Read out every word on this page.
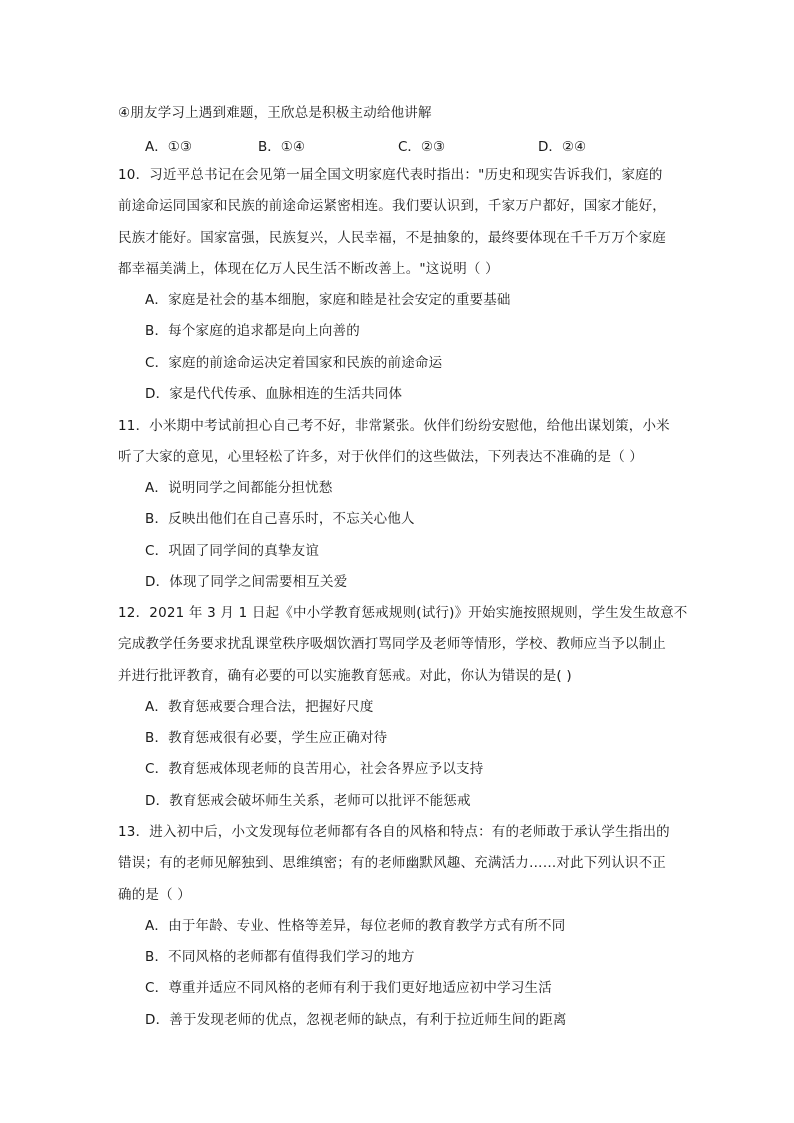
④朋友学习上遇到难题，王欣总是积极主动给他讲解
A．①③	B．①④	C．②③	D．②④
10．习近平总书记在会见第一届全国文明家庭代表时指出："历史和现实告诉我们，家庭的
前途命运同国家和民族的前途命运紧密相连。我们要认识到，千家万户都好，国家才能好，
民族才能好。国家富强，民族复兴，人民幸福，不是抽象的，最终要体现在千千万万个家庭
都幸福美满上，体现在亿万人民生活不断改善上。"这说明（ ）
A．家庭是社会的基本细胞，家庭和睦是社会安定的重要基础
B．每个家庭的追求都是向上向善的
C．家庭的前途命运决定着国家和民族的前途命运
D．家是代代传承、血脉相连的生活共同体
11．小米期中考试前担心自己考不好，非常紧张。伙伴们纷纷安慰他，给他出谋划策，小米
听了大家的意见，心里轻松了许多，对于伙伴们的这些做法，下列表达不准确的是（ ）
A．说明同学之间都能分担忧愁
B．反映出他们在自己喜乐时，不忘关心他人
C．巩固了同学间的真挚友谊
D．体现了同学之间需要相互关爱
12．2021 年 3 月 1 日起《中小学教育惩戒规则(试行)》开始实施按照规则，学生发生故意不
完成教学任务要求扰乱课堂秩序吸烟饮酒打骂同学及老师等情形，学校、教师应当予以制止
并进行批评教育，确有必要的可以实施教育惩戒。对此，你认为错误的是( )
A．教育惩戒要合理合法，把握好尺度
B．教育惩戒很有必要，学生应正确对待
C．教育惩戒体现老师的良苦用心，社会各界应予以支持
D．教育惩戒会破坏师生关系，老师可以批评不能惩戒
13．进入初中后，小文发现每位老师都有各自的风格和特点：有的老师敢于承认学生指出的
错误；有的老师见解独到、思维缜密；有的老师幽默风趣、充满活力……对此下列认识不正
确的是（ ）
A．由于年龄、专业、性格等差异，每位老师的教育教学方式有所不同
B．不同风格的老师都有值得我们学习的地方
C．尊重并适应不同风格的老师有利于我们更好地适应初中学习生活
D．善于发现老师的优点，忽视老师的缺点，有利于拉近师生间的距离
